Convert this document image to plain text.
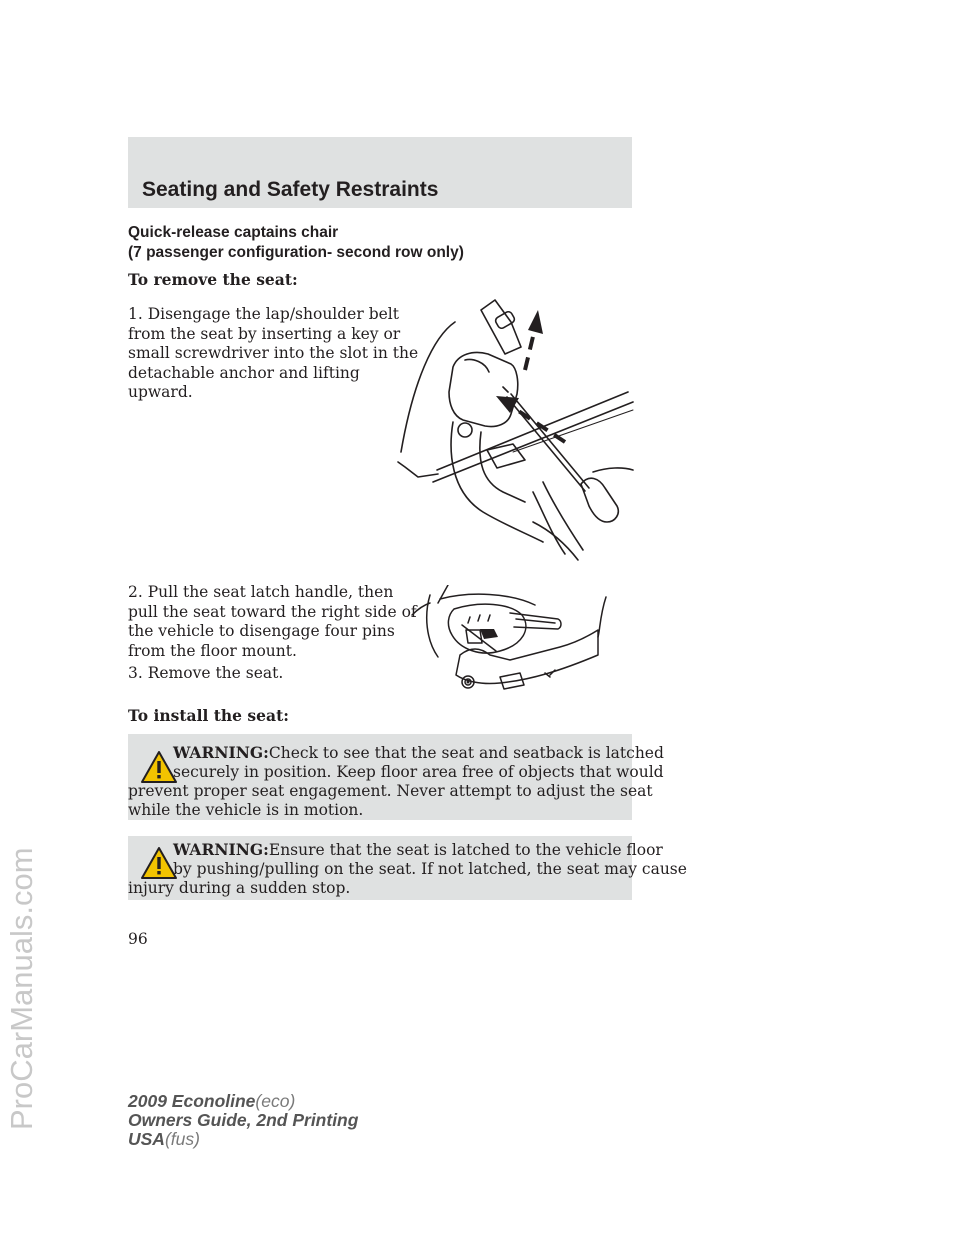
ProCarManuals.com
Seating and Safety Restraints
Quick-release captains chair
(7 passenger configuration- second row only)
To remove the seat:
1. Disengage the lap/shoulder belt
from the seat by inserting a key or
small screwdriver into the slot in the
detachable anchor and lifting
upward.
2. Pull the seat latch handle, then
pull the seat toward the right side of
the vehicle to disengage four pins
from the floor mount.
3. Remove the seat.
To install the seat:
WARNING:Check to see that the seat and seatback is latched
securely in position. Keep floor area free of objects that would
prevent proper seat engagement. Never attempt to adjust the seat
while the vehicle is in motion.
WARNING:Ensure that the seat is latched to the vehicle floor
by pushing/pulling on the seat. If not latched, the seat may cause
injury during a sudden stop.
96
2009 Econoline(eco)
Owners Guide, 2nd Printing
USA(fus)
